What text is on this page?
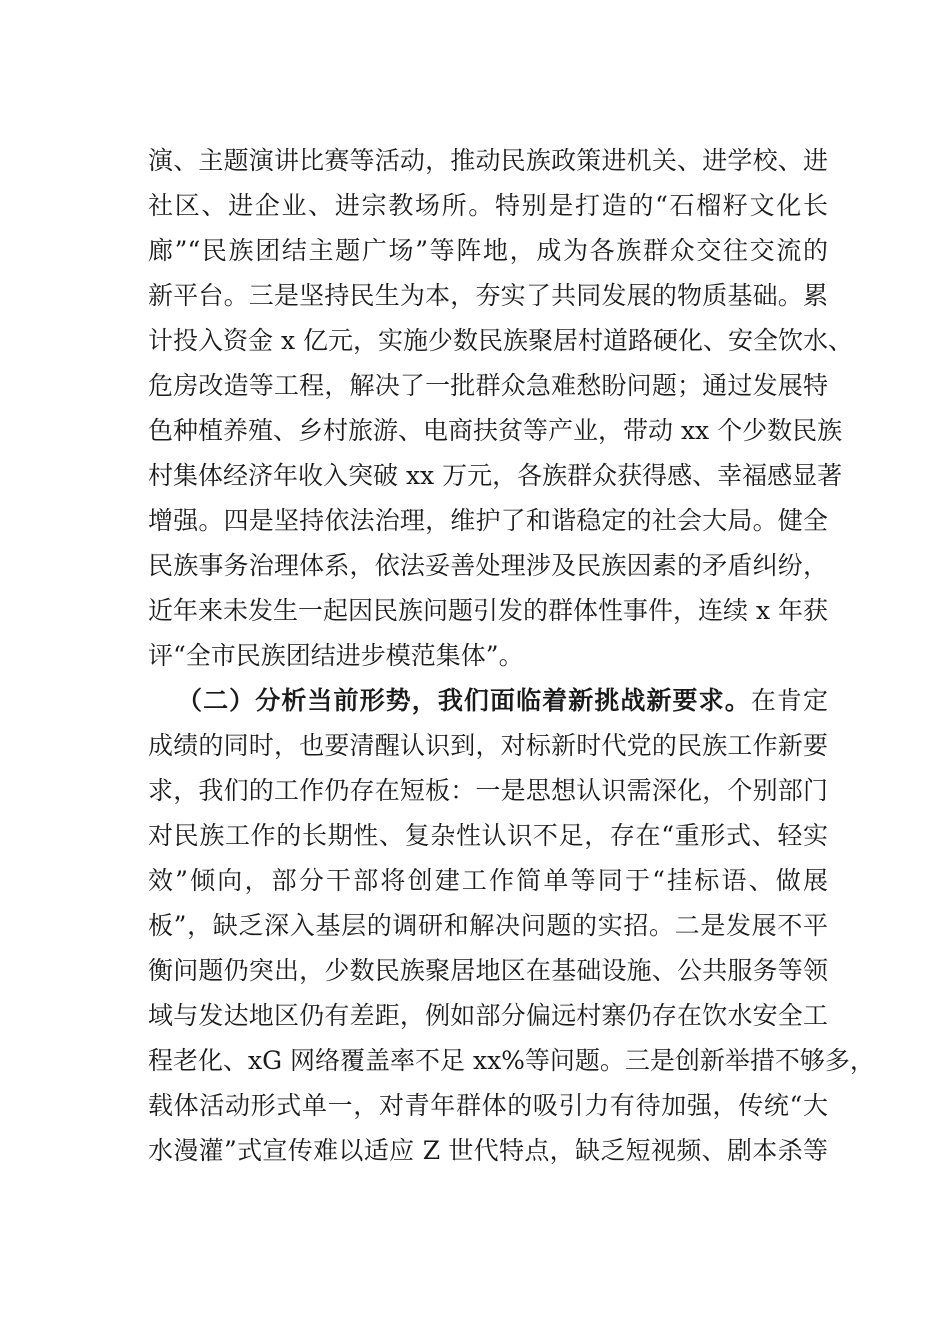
演、主题演讲比赛等活动，推动民族政策进机关、进学校、进
社区、进企业、进宗教场所。特别是打造的“石榴籽文化长
廊”“民族团结主题广场”等阵地，成为各族群众交往交流的
新平台。三是坚持民生为本，夯实了共同发展的物质基础。累
计投入资金 x 亿元，实施少数民族聚居村道路硬化、安全饮水、
危房改造等工程，解决了一批群众急难愁盼问题；通过发展特
色种植养殖、乡村旅游、电商扶贫等产业，带动 xx 个少数民族
村集体经济年收入突破 xx 万元，各族群众获得感、幸福感显著
增强。四是坚持依法治理，维护了和谐稳定的社会大局。健全
民族事务治理体系，依法妥善处理涉及民族因素的矛盾纠纷，
近年来未发生一起因民族问题引发的群体性事件，连续 x 年获
评“全市民族团结进步模范集体”。
（二）分析当前形势，我们面临着新挑战新要求。在肯定
成绩的同时，也要清醒认识到，对标新时代党的民族工作新要
求，我们的工作仍存在短板：一是思想认识需深化，个别部门
对民族工作的长期性、复杂性认识不足，存在“重形式、轻实
效”倾向，部分干部将创建工作简单等同于“挂标语、做展
板”，缺乏深入基层的调研和解决问题的实招。二是发展不平
衡问题仍突出，少数民族聚居地区在基础设施、公共服务等领
域与发达地区仍有差距，例如部分偏远村寨仍存在饮水安全工
程老化、xG 网络覆盖率不足 xx%等问题。三是创新举措不够多，
载体活动形式单一，对青年群体的吸引力有待加强，传统“大
水漫灌”式宣传难以适应 Z 世代特点，缺乏短视频、剧本杀等
